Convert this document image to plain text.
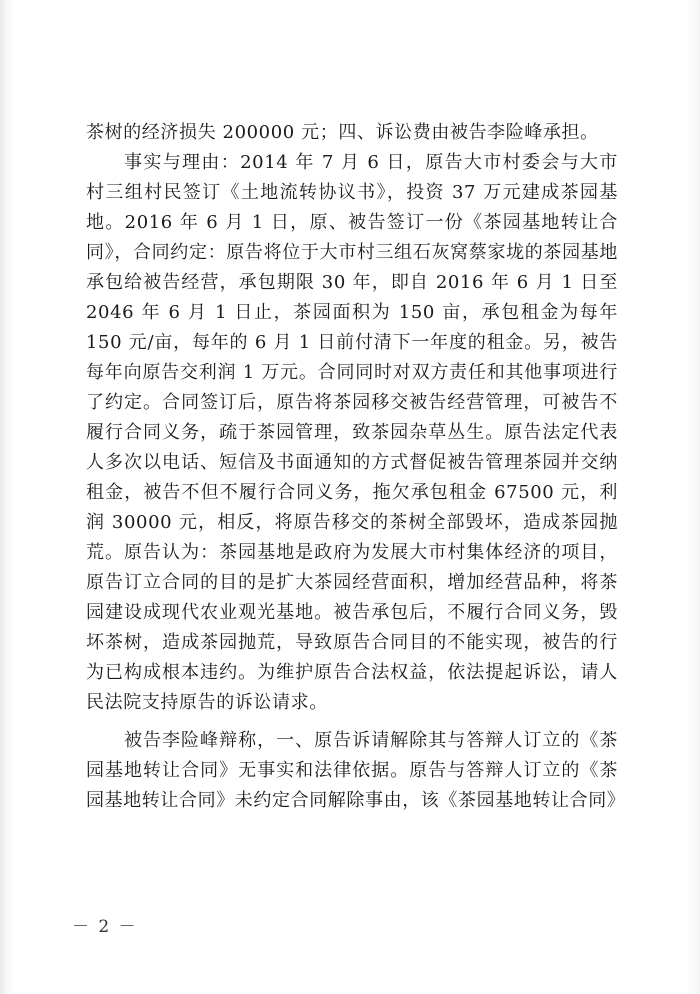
茶树的经济损失 200000 元；四、诉讼费由被告李险峰承担。

事实与理由：2014 年 7 月 6 日，原告大市村委会与大市村三组村民签订《土地流转协议书》，投资 37 万元建成茶园基地。2016 年 6 月 1 日，原、被告签订一份《茶园基地转让合同》，合同约定：原告将位于大市村三组石灰窝蔡家垅的茶园基地承包给被告经营，承包期限 30 年，即自 2016 年 6 月 1 日至 2046 年 6 月 1 日止，茶园面积为 150 亩，承包租金为每年 150 元/亩，每年的 6 月 1 日前付清下一年度的租金。另，被告每年向原告交利润 1 万元。合同同时对双方责任和其他事项进行了约定。合同签订后，原告将茶园移交被告经营管理，可被告不履行合同义务，疏于茶园管理，致茶园杂草丛生。原告法定代表人多次以电话、短信及书面通知的方式督促被告管理茶园并交纳租金，被告不但不履行合同义务，拖欠承包租金 67500 元，利润 30000 元，相反，将原告移交的茶树全部毁坏，造成茶园抛荒。原告认为：茶园基地是政府为发展大市村集体经济的项目，原告订立合同的目的是扩大茶园经营面积，增加经营品种，将茶园建设成现代农业观光基地。被告承包后，不履行合同义务，毁坏茶树，造成茶园抛荒，导致原告合同目的不能实现，被告的行为已构成根本违约。为维护原告合法权益，依法提起诉讼，请人民法院支持原告的诉讼请求。

被告李险峰辩称，一、原告诉请解除其与答辩人订立的《茶园基地转让合同》无事实和法律依据。原告与答辩人订立的《茶园基地转让合同》未约定合同解除事由，该《茶园基地转让合同》

－ 2 －
